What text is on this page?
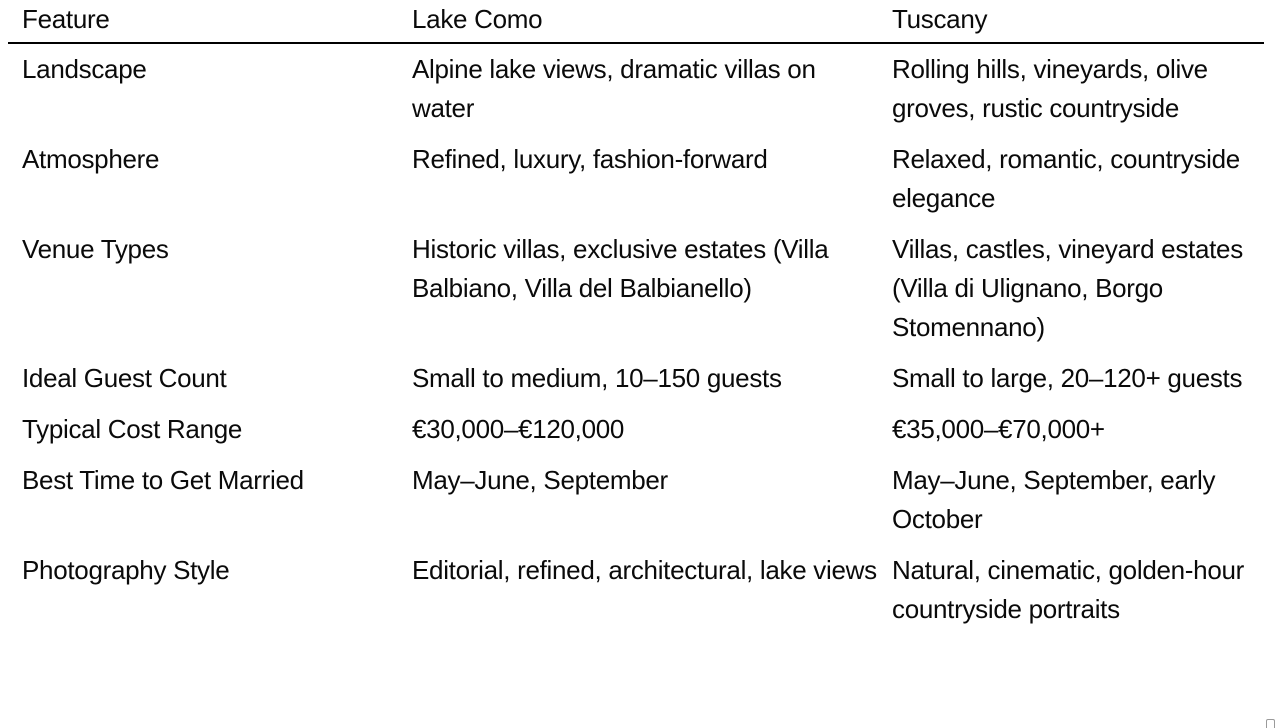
Feature	Lake Como	Tuscany

Landscape	Alpine lake views, dramatic villas on water	Rolling hills, vineyards, olive groves, rustic countryside

Atmosphere	Refined, luxury, fashion-forward	Relaxed, romantic, countryside elegance

Venue Types	Historic villas, exclusive estates (Villa Balbiano, Villa del Balbianello)	Villas, castles, vineyard estates (Villa di Ulignano, Borgo Stomennano)

Ideal Guest Count	Small to medium, 10–150 guests	Small to large, 20–120+ guests

Typical Cost Range	€30,000–€120,000	€35,000–€70,000+

Best Time to Get Married	May–June, September	May–June, September, early October

Photography Style	Editorial, refined, architectural, lake views	Natural, cinematic, golden-hour countryside portraits
